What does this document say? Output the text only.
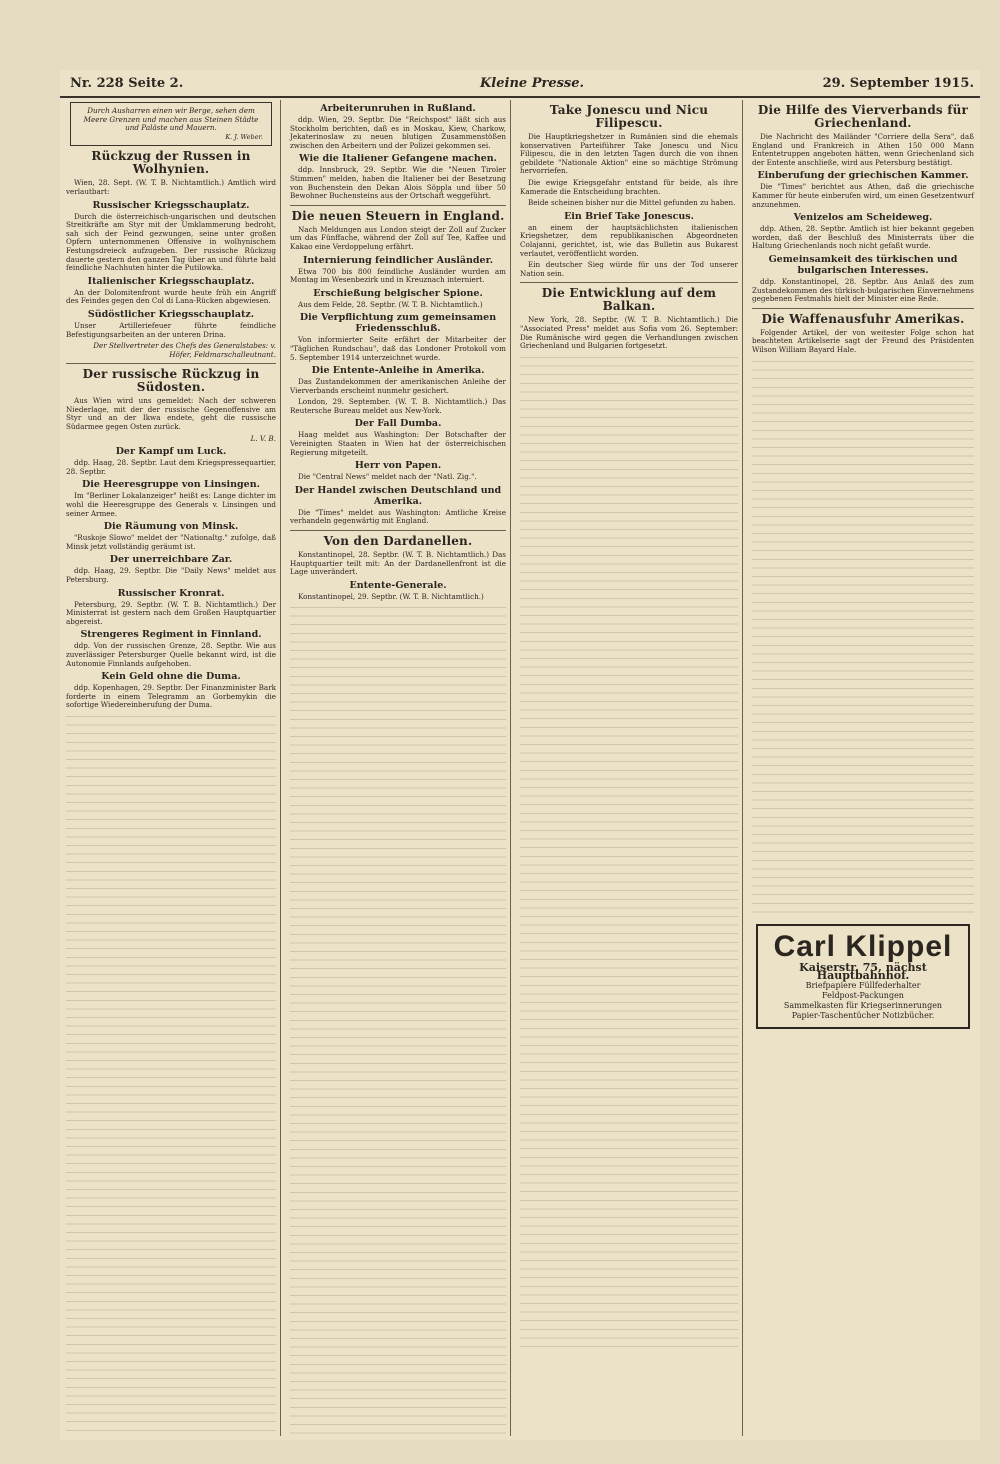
Nr. 228 Seite 2.	Kleine Presse.	29. September 1915.
Durch Ausharren einen wir Berge, sehen dem Meere Grenzen und machen aus Steinen Städte und Paläste und Mauern.
K. J. Weber.
Rückzug der Russen in Wolhynien.

Wien, 28. Sept. (W. T. B. Nichtamtlich.) Amtlich wird verlautbart:

Russischer Kriegsschauplatz.

Durch die österreichisch-ungarischen und deutschen Streitkräfte am Styr mit der Umklammerung bedroht, sah sich der Feind gezwungen, seine unter großen Opfern unternommenen Offensive in wolhynischem Festungsdreieck aufzugeben. Der russische Rückzug dauerte gestern den ganzen Tag über an und führte bald feindliche Nachhuten hinter die Putilowka.

Italienischer Kriegsschauplatz.

An der Dolomitenfront wurde heute früh ein Angriff des Feindes gegen den Col di Lana-Rücken abgewiesen.

Südöstlicher Kriegsschauplatz.

Unser Artilleriefeuer führte feindliche Befestigungsarbeiten an der unteren Drina.

Der Stellvertreter des Chefs des Generalstabes: v. Höfer, Feldmarschalleutnant.

Der russische Rückzug in Südosten.

Aus Wien wird uns gemeldet: Nach der schweren Niederlage, mit der der russische Gegenoffensive am Styr und an der Ikwa endete, geht die russische Südarmee gegen Osten zurück.

L. V. B.

Der Kampf um Luck.

ddp. Haag, 28. Septbr. Laut dem Kriegspressequartier, 28. Septbr.

Die Heeresgruppe von Linsingen.

Im "Berliner Lokalanzeiger" heißt es: Lange dichter im wohl die Heeresgruppe des Generals v. Linsingen und seiner Armee.

Die Räumung von Minsk.

"Ruskoje Slowo" meldet der "Nationaltg." zufolge, daß Minsk jetzt vollständig geräumt ist.

Der unerreichbare Zar.

ddp. Haag, 29. Septbr. Die "Daily News" meldet aus Petersburg.

Russischer Kronrat.

Petersburg, 29. Septbr. (W. T. B. Nichtamtlich.) Der Ministerrat ist gestern nach dem Großen Hauptquartier abgereist.

Strengeres Regiment in Finnland.

ddp. Von der russischen Grenze, 28. Septbr. Wie aus zuverlässiger Petersburger Quelle bekannt wird, ist die Autonomie Finnlands aufgehoben.

Kein Geld ohne die Duma.

ddp. Kopenhagen, 29. Septbr. Der Finanzminister Bark forderte in einem Telegramm an Gorbemykin die sofortige Wiedereinberufung der Duma.

Arbeiterunruhen in Rußland.

ddp. Wien, 29. Septbr. Die "Reichspost" läßt sich aus Stockholm berichten, daß es in Moskau, Kiew, Charkow, Jekaterinoslaw zu neuen blutigen Zusammenstößen zwischen den Arbeitern und der Polizei gekommen sei.

Wie die Italiener Gefangene machen.

ddp. Innsbruck, 29. Septbr. Wie die "Neuen Tiroler Stimmen" melden, haben die Italiener bei der Besetzung von Buchenstein den Dekan Alois Söppla und über 50 Bewohner Buchensteins aus der Ortschaft weggeführt.

Die neuen Steuern in England.

Nach Meldungen aus London steigt der Zoll auf Zucker um das Fünffache, während der Zoll auf Tee, Kaffee und Kakao eine Verdoppelung erfährt.

Internierung feindlicher Ausländer.

Etwa 700 bis 800 feindliche Ausländer wurden am Montag im Wesenbezirk und in Kreuznach interniert.

Erschießung belgischer Spione.

Aus dem Felde, 28. Septbr. (W. T. B. Nichtamtlich.)

Die Verpflichtung zum gemeinsamen Friedensschluß.

Von informierter Seite erfährt der Mitarbeiter der "Täglichen Rundschau", daß das Londoner Protokoll vom 5. September 1914 unterzeichnet wurde.

Die Entente-Anleihe in Amerika.

Das Zustandekommen der amerikanischen Anleihe der Vierverbands erscheint nunmehr gesichert.

London, 29. September. (W. T. B. Nichtamtlich.) Das Reutersche Bureau meldet aus New-York.

Der Fall Dumba.

Haag meldet aus Washington: Der Botschafter der Vereinigten Staaten in Wien hat der österreichischen Regierung mitgeteilt.

Herr von Papen.

Die "Central News" meldet nach der "Natl. Zig.".

Der Handel zwischen Deutschland und Amerika.

Die "Times" meldet aus Washington: Amtliche Kreise verhandeln gegenwärtig mit England.

Von den Dardanellen.

Konstantinopel, 28. Septbr. (W. T. B. Nichtamtlich.) Das Hauptquartier teilt mit: An der Dardanellenfront ist die Lage unverändert.

Entente-Generale.

Konstantinopel, 29. Septbr. (W. T. B. Nichtamtlich.)

Take Jonescu und Nicu Filipescu.

Die Hauptkriegshetzer in Rumänien sind die ehemals konservativen Parteiführer Take Jonescu und Nicu Filipescu, die in den letzten Tagen durch die von ihnen gebildete "Nationale Aktion" eine so mächtige Strömung hervorriefen.

Die ewige Kriegsgefahr entstand für beide, als ihre Kamerade die Entscheidung brachten.

Beide scheinen bisher nur die Mittel gefunden zu haben.

Ein Brief Take Jonescus.

an einem der hauptsächlichsten italienischen Kriegshetzer, dem republikanischen Abgeordneten Colajanni, gerichtet, ist, wie das Bulletin aus Bukarest verlautet, veröffentlicht worden.

Ein deutscher Sieg würde für uns der Tod unserer Nation sein.

Die Entwicklung auf dem Balkan.

New York, 28. Septbr. (W. T. B. Nichtamtlich.) Die "Associated Press" meldet aus Sofia vom 26. September: Die Rumänische wird gegen die Verhandlungen zwischen Griechenland und Bulgarien fortgesetzt.

Die Hilfe des Vierverbands für Griechenland.

Die Nachricht des Mailänder "Corriere della Sera", daß England und Frankreich in Athen 150 000 Mann Ententetruppen angeboten hätten, wenn Griechenland sich der Entente anschließe, wird aus Petersburg bestätigt.

Einberufung der griechischen Kammer.

Die "Times" berichtet aus Athen, daß die griechische Kammer für heute einberufen wird, um einen Gesetzentwurf anzunehmen.

Venizelos am Scheideweg.

ddp. Athen, 28. Septbr. Amtlich ist hier bekannt gegeben worden, daß der Beschluß des Ministerrats über die Haltung Griechenlands noch nicht gefaßt wurde.

Gemeinsamkeit des türkischen und bulgarischen Interesses.

ddp. Konstantinopel, 28. Septbr. Aus Anlaß des zum Zustandekommen des türkisch-bulgarischen Einvernehmens gegebenen Festmahls hielt der Minister eine Rede.

Die Waffenausfuhr Amerikas.

Folgender Artikel, der von weitester Folge schon hat beachteten Artikelserie sagt der Freund des Präsidenten Wilson William Bayard Hale.

Carl Klippel
Kaiserstr. 75, nächst Hauptbahnhof.
Briefpapiere Füllfederhalter
Feldpost-Packungen
Sammelkasten für Kriegserinnerungen
Papier-Taschentücher Notizbücher.
